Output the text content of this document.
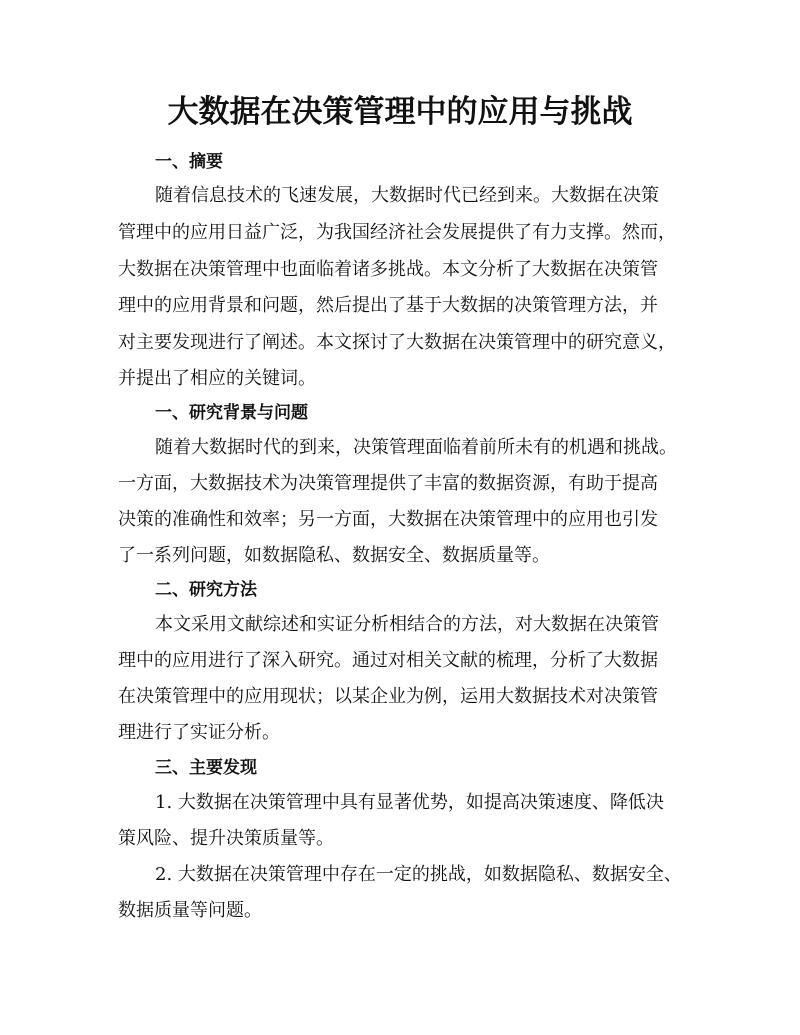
大数据在决策管理中的应用与挑战
一、摘要
随着信息技术的飞速发展，大数据时代已经到来。大数据在决策
管理中的应用日益广泛，为我国经济社会发展提供了有力支撑。然而，
大数据在决策管理中也面临着诸多挑战。本文分析了大数据在决策管
理中的应用背景和问题，然后提出了基于大数据的决策管理方法，并
对主要发现进行了阐述。本文探讨了大数据在决策管理中的研究意义，
并提出了相应的关键词。
一、研究背景与问题
随着大数据时代的到来，决策管理面临着前所未有的机遇和挑战。
一方面，大数据技术为决策管理提供了丰富的数据资源，有助于提高
决策的准确性和效率；另一方面，大数据在决策管理中的应用也引发
了一系列问题，如数据隐私、数据安全、数据质量等。
二、研究方法
本文采用文献综述和实证分析相结合的方法，对大数据在决策管
理中的应用进行了深入研究。通过对相关文献的梳理，分析了大数据
在决策管理中的应用现状；以某企业为例，运用大数据技术对决策管
理进行了实证分析。
三、主要发现
1. 大数据在决策管理中具有显著优势，如提高决策速度、降低决
策风险、提升决策质量等。
2. 大数据在决策管理中存在一定的挑战，如数据隐私、数据安全、
数据质量等问题。
